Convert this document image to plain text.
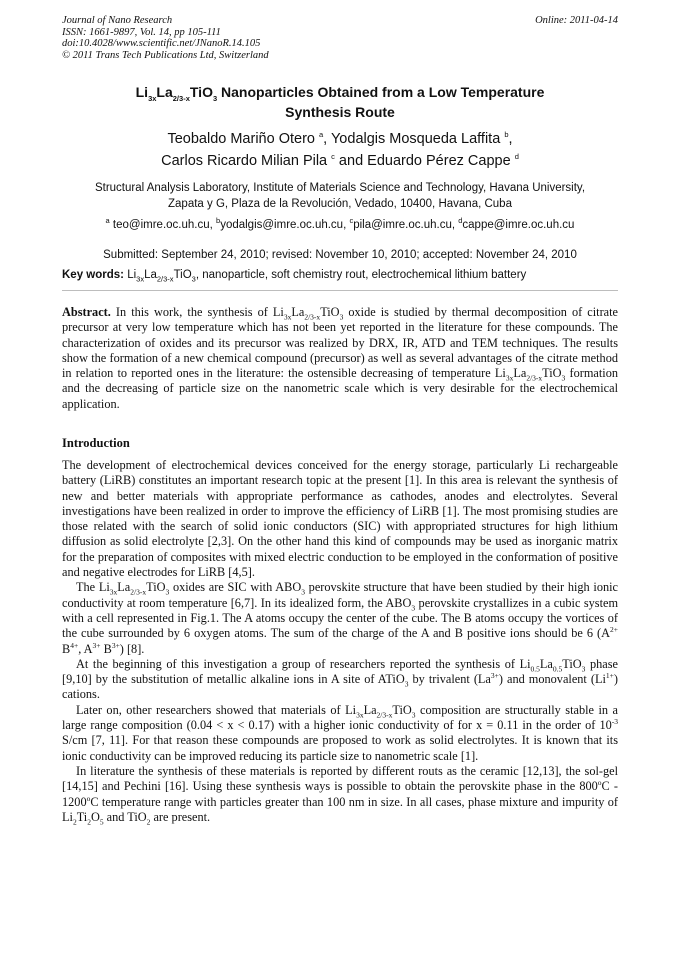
Journal of Nano Research
ISSN: 1661-9897, Vol. 14, pp 105-111
doi:10.4028/www.scientific.net/JNanoR.14.105
© 2011 Trans Tech Publications Ltd, Switzerland
Online: 2011-04-14
$Li_{3x}La_{2/3-x}TiO_3$ Nanoparticles Obtained from a Low Temperature
Synthesis Route
Teobaldo Mariño Otero $^a$, Yodalgis Mosqueda Laffita $^b$,
Carlos Ricardo Milian Pila $^c$ and Eduardo Pérez Cappe $^d$
Structural Analysis Laboratory, Institute of Materials Science and Technology, Havana University,
Zapata y G, Plaza de la Revolución, Vedado, 10400, Havana, Cuba
$^a$ teo@imre.oc.uh.cu, $^b$yodalgis@imre.oc.uh.cu, $^c$pila@imre.oc.uh.cu, $^d$cappe@imre.oc.uh.cu
Submitted: September 24, 2010; revised: November 10, 2010; accepted: November 24, 2010
Key words: $Li_{3x}La_{2/3-x}TiO_3$, nanoparticle, soft chemistry rout, electrochemical lithium battery
Abstract. In this work, the synthesis of $Li_{3x}La_{2/3-x}TiO_3$ oxide is studied by thermal decomposition of citrate precursor at very low temperature which has not been yet reported in the literature for these compounds. The characterization of oxides and its precursor was realized by DRX, IR, ATD and TEM techniques. The results show the formation of a new chemical compound (precursor) as well as several advantages of the citrate method in relation to reported ones in the literature: the ostensible decreasing of temperature $Li_{3x}La_{2/3-x}TiO_3$ formation and the decreasing of particle size on the nanometric scale which is very desirable for the electrochemical application.
Introduction

The development of electrochemical devices conceived for the energy storage, particularly Li rechargeable battery (LiRB) constitutes an important research topic at the present [1]. In this area is relevant the synthesis of new and better materials with appropriate performance as cathodes, anodes and electrolytes. Several investigations have been realized in order to improve the efficiency of LiRB [1]. The most promising studies are those related with the search of solid ionic conductors (SIC) with appropriated structures for high lithium diffusion as solid electrolyte [2,3]. On the other hand this kind of compounds may be used as inorganic matrix for the preparation of composites with mixed electric conduction to be employed in the conformation of positive and negative electrodes for LiRB [4,5].

The $Li_{3x}La_{2/3-x}TiO_3$ oxides are SIC with $ABO_3$ perovskite structure that have been studied by their high ionic conductivity at room temperature [6,7]. In its idealized form, the $ABO_3$ perovskite crystallizes in a cubic system with a cell represented in Fig.1. The A atoms occupy the center of the cube. The B atoms occupy the vortices of the cube surrounded by 6 oxygen atoms. The sum of the charge of the A and B positive ions should be 6 ($A^{2+}$ $B^{4+}$, $A^{3+}$ $B^{3+}$) [8].

At the beginning of this investigation a group of researchers reported the synthesis of $Li_{0.5}La_{0.5}TiO_3$ phase [9,10] by the substitution of metallic alkaline ions in A site of ATiO$_3$ by trivalent $(La^{3+})$ and monovalent $(Li^{1+})$ cations.

Later on, other researchers showed that materials of $Li_{3x}La_{2/3-x}TiO_3$ composition are structurally stable in a large range composition (0.04 < x < 0.17) with a higher ionic conductivity of for x = 0.11 in the order of $10^{-3}$ S/cm [7, 11]. For that reason these compounds are proposed to work as solid electrolytes. It is known that its ionic conductivity can be improved reducing its particle size to nanometric scale [1].

In literature the synthesis of these materials is reported by different routs as the ceramic [12,13], the sol-gel [14,15] and Pechini [16]. Using these synthesis ways is possible to obtain the perovskite phase in the 800$^o$C - 1200$^o$C temperature range with particles greater than 100 nm in size. In all cases, phase mixture and impurity of $Li_2Ti_2O_5$ and TiO$_2$ are present.
